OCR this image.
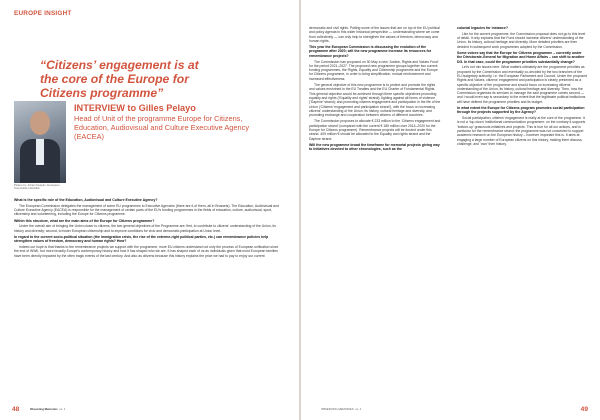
EUROPE INSIGHT
“Citizens’ engagement is at the core of the Europe for Citizens programme”
Picture by Johan Fauquin. European Commission EACEA
INTERVIEW to Gilles Pelayo
Head of Unit of the programme Europe for Citizens, Education, Audiovisual and Culture Executive Agency (EACEA)

What is the specific role of the Education, Audiovisual and Culture Executive Agency?

The European Commission delegates the management of some EU programmes to Executive Agencies (there are 6 of them, all in Brussels). The Education, Audiovisual and Culture Executive Agency (EACEA) is responsible for the management of certain parts of the EU’s funding programmes in the fields of education, culture, audiovisual, sport, citizenship and volunteering, including the Europe for Citizens programme.

Within this structure, what are the main aims of the Europe for Citizens programme?

Under the overall aim of bringing the Union closer to citizens, the two general objectives of the Programme are: first, to contribute to citizens’ understanding of the Union, its history and diversity; second, to foster European citizenship and to improve conditions for civic and democratic participation at Union level.

In regard to the current socio-political situation (the immigration crisis, the rise of the extreme-right political parties, etc.) can remembrance policies help strengthen values of freedom, democracy and human rights? How?

Indeed our hope is that thanks to the remembrance projects we support with the programme, more EU citizens understand not only the process of European unification since the end of WWII, but more broadly Europe’s contemporary history and how it has shaped who we are. It has shaped each of us as individuals given that most European families have been directly impacted by the often tragic events of the last century. And also as citizens because this history explains the price we had to pay to enjoy our current

48	Observing Memories no. 1

democratic and civil rights. Putting some of the issues that are on top of the EU political and policy agenda in this wider historical perspective — understanding where we come from collectively — can only help to strengthen the values of freedom, democracy and human rights.

This year the European Commission is discussing the evolution of the programme after 2020; will the new programme increase its resources for remembrance projects?

The Commission has proposed on 30 May a new ‘Justice, Rights and Values Fund’ for the period 2021–2027. The proposed new programme groups together two current funding programmes, the Rights, Equality and Citizenship programme and the Europe for Citizens programme, in order to bring simplification, mutual reinforcement and increased effectiveness.

The general objective of this new programme is to protect and promote the rights and values enshrined in the EU Treaties and the EU Charter of Fundamental Rights. This general objective would be achieved through three specific objectives promoting equality and rights (‘Equality and rights’ strand); fighting against all forms of violence (‘Daphne’ strand); and promoting citizens engagement and participation in the life of the Union (‘Citizens’ engagement and participation strand’), with the focus on increasing citizens’ understanding of the Union, its history, cultural heritage and diversity, and promoting exchange and cooperation between citizens of different countries.

The Commission proposes to allocate € 233 million to the ‘Citizens engagement and participation strand’ (compared with the current € 185 million over 2014–2020 for the Europe for Citizens programme). Remembrance projects will be funded under this strand. 409 million € should be allocated to the Equality and rights strand and the Daphne strand.

Will the new programme broad the timeframe for memorial projects giving way to initiatives devoted to other chronologies, such as the

colonial legacies for instance?

Like for the current programme, the Commission proposal does not go to this level of detail. It only explains that the Fund should increase citizens’ understanding of the Union, its history, cultural heritage and diversity. More detailed priorities are then decided in subsequent work programmes adopted by the Commission.

Some voices say that the Europe for Citizens programme – currently under the Directorate-General for Migration and Home Affairs – can shift to another DG. In that case, could the programme priorities substantially change?

Let’s not mix issues here. What matters ultimately are the programme priorities as proposed by the Commission and eventually co-decided by the two branches of the EU budgetary authority, i.e. the European Parliament and Council. Under the proposed Rights and Values, citizens’ engagement and participation is clearly presented as a specific objective of the programme and should focus on increasing citizens’ understanding of the Union, its history, cultural heritage and diversity. Then, how the Commission organises its services to manage the said programme comes second — and I would even say is secondary to the extent that the legitimate political institutions will have defined the programme priorities and its budget.

In what extent the Europe for Citizens program promotes social participation through the projects supported by the Agency?

Social participation, citizens’ engagement is really at the core of the programme. It is not a ‘top-down’ institutional communication programme: on the contrary it supports ‘bottom-up’ grassroots initiatives and projects. This is true for all our actions, and in particular for the remembrance strand: the programme was not conceived to support academic research on the European history – however important this is. It aims at engaging a large number of European citizens on this history, making them discuss, challenge, and ‘own’ their history.

OBSERVING MEMORIES no. 1	49
